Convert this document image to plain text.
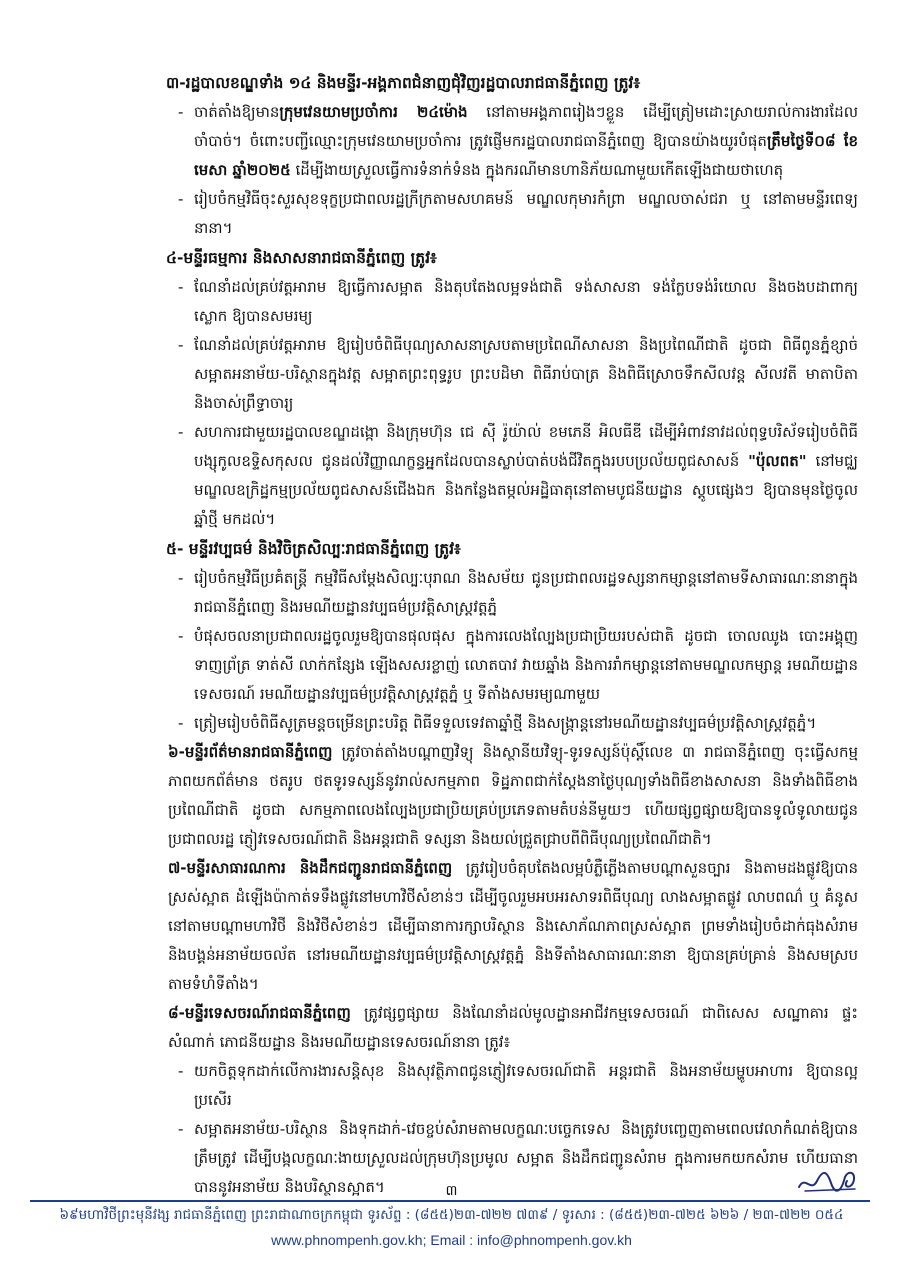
៣-រដ្ឋបាលខណ្ឌទាំង ១៤ និងមន្ទីរ-អង្គភាពជំនាញជុំវិញរដ្ឋបាលរាជធានីភ្នំពេញ ត្រូវ៖
- ចាត់តាំងឱ្យមានក្រុមវេនយាមប្រចាំការ ២៤ម៉ោង នៅតាមអង្គភាពរៀងៗខ្លួន ដើម្បីត្រៀមដោះស្រាយរាល់ការងារដែលចាំបាច់។ ចំពោះបញ្ជីឈ្មោះក្រុមវេនយាមប្រចាំការ ត្រូវផ្ញើមករដ្ឋបាលរាជធានីភ្នំពេញ ឱ្យបានយ៉ាងយូរបំផុតត្រឹមថ្ងៃទី០៨ ខែមេសា ឆ្នាំ២០២៥ ដើម្បីងាយស្រួលធ្វើការទំនាក់ទំនង ក្នុងករណីមានហានិភ័យណាមួយកើតឡើងជាយថាហេតុ
- រៀបចំកម្មវិធីចុះសួរសុខទុក្ខប្រជាពលរដ្ឋក្រីក្រតាមសហគមន៍ មណ្ឌលកុមារកំព្រា មណ្ឌលចាស់ជរា ឬ នៅតាមមន្ទីរពេទ្យនានា។
៤-មន្ទីរធម្មការ និងសាសនារាជធានីភ្នំពេញ ត្រូវ៖
- ណែនាំដល់គ្រប់វត្តអារាម ឱ្យធ្វើការសម្អាត និងតុបតែងលម្អទង់ជាតិ ទង់សាសនា ទង់ក្លែបទង់រំយោល និងចងបដាពាក្យស្លោក ឱ្យបានសមរម្យ
- ណែនាំដល់គ្រប់វត្តអារាម ឱ្យរៀបចំពិធីបុណ្យសាសនាស្របតាមប្រពៃណីសាសនា និងប្រពៃណីជាតិ ដូចជា ពិធីពូនភ្នំខ្សាច់ សម្អាតអនាម័យ-បរិស្ថានក្នុងវត្ត សម្អាតព្រះពុទ្ធរូប ព្រះបដិមា ពិធីរាប់បាត្រ និងពិធីស្រោចទឹកសីលវន្ត សីលវតី មាតាបិតា និងចាស់ព្រឹទ្ធាចារ្យ
- សហការជាមួយរដ្ឋបាលខណ្ឌដង្កោ និងក្រុមហ៊ុន ជេ ស៊ី រ៉ូយ៉ាល់ ខមភេនី អិលធីឌី ដើម្បីអំពាវនាវដល់ពុទ្ធបរិស័ទរៀបចំពិធីបង្សុកូលឧទ្ទិសកុសល ជូនដល់វិញ្ញាណក្ខន្ធអ្នកដែលបានស្លាប់បាត់បង់ជីវិតក្នុងរបបប្រល័យពូជសាសន៍ "ប៉ុលពត" នៅមជ្ឈមណ្ឌលឧក្រិដ្ឋកម្មប្រល័យពូជសាសន៍ជើងឯក និងកន្លែងតម្កល់អដ្ឋិធាតុនៅតាមបូជនីយដ្ឋាន ស្តូបផ្សេងៗ ឱ្យបានមុនថ្ងៃចូលឆ្នាំថ្មី មកដល់។
៥- មន្ទីរវប្បធម៌ និងវិចិត្រសិល្បៈរាជធានីភ្នំពេញ ត្រូវ៖
- រៀបចំកម្មវិធីប្រគំតន្ត្រី កម្មវិធីសម្តែងសិល្បៈបុរាណ និងសម័យ ជូនប្រជាពលរដ្ឋទស្សនាកម្សាន្តនៅតាមទីសាធារណៈនានាក្នុងរាជធានីភ្នំពេញ និងរមណីយដ្ឋានវប្បធម៌ប្រវត្តិសាស្ត្រវត្តភ្នំ
- បំផុសចលនាប្រជាពលរដ្ឋចូលរួមឱ្យបានផុលផុស ក្នុងការលេងល្បែងប្រជាប្រិយរបស់ជាតិ ដូចជា ចោលឈូង បោះអង្គុញ ទាញព្រ័ត្រ ទាត់សី លាក់កន្សែង ឡើងសសរខ្លាញ់ លោតបាវ វាយឆ្នាំង និងការរាំកម្សាន្តនៅតាមមណ្ឌលកម្សាន្ត រមណីយដ្ឋានទេសចរណ៍ រមណីយដ្ឋានវប្បធម៌ប្រវត្តិសាស្ត្រវត្តភ្នំ ឬ ទីតាំងសមរម្យណាមួយ
- ត្រៀមរៀបចំពិធីសូត្រមន្តចម្រើនព្រះបរិត្ត ពិធីទទួលទេវតាឆ្នាំថ្មី និងសង្ក្រាន្តនៅរមណីយដ្ឋានវប្បធម៌ប្រវត្តិសាស្ត្រវត្តភ្នំ។
៦-មន្ទីរព័ត៌មានរាជធានីភ្នំពេញ ត្រូវចាត់តាំងបណ្តាញវិទ្យុ និងស្ថានីយវិទ្យុ-ទូរទស្សន៍ប៉ុស្តិ៍លេខ ៣ រាជធានីភ្នំពេញ ចុះធ្វើសកម្មភាពយកព័ត៌មាន ថតរូប ថតទូរទស្សន៍នូវរាល់សកម្មភាព ទិដ្ឋភាពជាក់ស្តែងនាថ្ងៃបុណ្យទាំងពិធីខាងសាសនា និងទាំងពិធីខាងប្រពៃណីជាតិ ដូចជា សកម្មភាពលេងល្បែងប្រជាប្រិយគ្រប់ប្រភេទតាមតំបន់នីមួយៗ ហើយផ្សព្វផ្សាយឱ្យបានទូលំទូលាយជូនប្រជាពលរដ្ឋ ភ្ញៀវទេសចរណ៍ជាតិ និងអន្តរជាតិ ទស្សនា និងយល់ជ្រួតជ្រាបពីពិធីបុណ្យប្រពៃណីជាតិ។
៧-មន្ទីរសាធារណការ និងដឹកជញ្ជូនរាជធានីភ្នំពេញ ត្រូវរៀបចំតុបតែងលម្អបំភ្លឺភ្លើងតាមបណ្តាសួនច្បារ និងតាមដងផ្លូវឱ្យបានស្រស់ស្អាត ដំឡើងប៉ាកាត់ទទឹងផ្លូវនៅមហាវិថីសំខាន់ៗ ដើម្បីចូលរួមអបអរសាទរពិធីបុណ្យ លាងសម្អាតផ្លូវ លាបពណ៌ ឬ គំនូសនៅតាមបណ្តាមហាវិថី និងវិថីសំខាន់ៗ ដើម្បីធានាការក្សាបរិស្ថាន និងសោភ័ណភាពស្រស់ស្អាត ព្រមទាំងរៀបចំដាក់ធុងសំរាម និងបង្គន់អនាម័យចល័ត នៅរមណីយដ្ឋានវប្បធម៌ប្រវត្តិសាស្ត្រវត្តភ្នំ និងទីតាំងសាធារណៈនានា ឱ្យបានគ្រប់គ្រាន់ និងសមស្របតាមទំហំទីតាំង។
៨-មន្ទីរទេសចរណ៍រាជធានីភ្នំពេញ ត្រូវផ្សព្វផ្សាយ និងណែនាំដល់មូលដ្ឋានអាជីវកម្មទេសចរណ៍ ជាពិសេស សណ្ឋាគារ ផ្ទះសំណាក់ ភោជនីយដ្ឋាន និងរមណីយដ្ឋានទេសចរណ៍នានា ត្រូវ៖
- យកចិត្តទុកដាក់លើការងារសន្តិសុខ និងសុវត្ថិភាពជូនភ្ញៀវទេសចរណ៍ជាតិ អន្តរជាតិ និងអនាម័យម្ហូបអាហារ ឱ្យបានល្អប្រសើរ
- សម្អាតអនាម័យ-បរិស្ថាន និងទុកដាក់-វេចខ្ចប់សំរាមតាមលក្ខណៈបច្ចេកទេស និងត្រូវបញ្ចេញតាមពេលវេលាកំណត់ឱ្យបានត្រឹមត្រូវ ដើម្បីបង្កលក្ខណៈងាយស្រួលដល់ក្រុមហ៊ុនប្រមូល សម្អាត និងដឹកជញ្ជូនសំរាម ក្នុងការមកយកសំរាម ហើយធានាបាននូវអនាម័យ និងបរិស្ថានស្អាត។	៣
៦៩មហាវិថីព្រះមុនីវង្ស រាជធានីភ្នំពេញ ព្រះរាជាណាចក្រកម្ពុជា ទូរស័ព្ទ : (៨៥៥)២៣-៧២២ ៧៣៩ / ទូរសារ : (៨៥៥)២៣-៧២៥ ៦២៦ / ២៣-៧២២ ០៥៤
www.phnompenh.gov.kh; Email : info@phnompenh.gov.kh
